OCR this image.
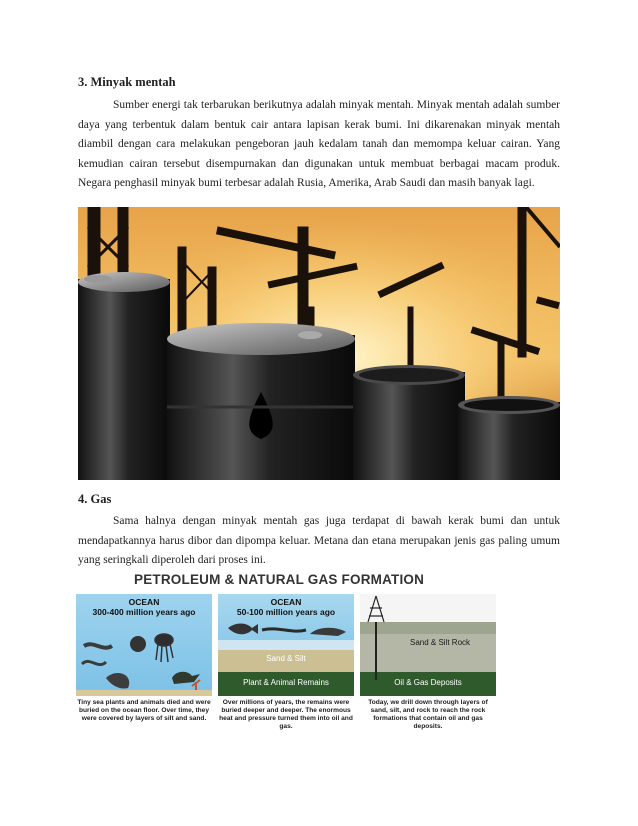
3. Minyak mentah

Sumber energi tak terbarukan berikutnya adalah minyak mentah. Minyak mentah adalah sumber daya yang terbentuk dalam bentuk cair antara lapisan kerak bumi. Ini dikarenakan minyak mentah diambil dengan cara melakukan pengeboran jauh kedalam tanah dan memompa keluar cairan. Yang kemudian cairan tersebut disempurnakan dan digunakan untuk membuat berbagai macam produk. Negara penghasil minyak bumi terbesar adalah Rusia, Amerika, Arab Saudi dan masih banyak lagi.

4. Gas

Sama halnya dengan minyak mentah gas juga terdapat di bawah kerak bumi dan untuk mendapatkannya harus dibor dan dipompa keluar. Metana dan etana merupakan jenis gas paling umum yang seringkali diperoleh dari proses ini.

PETROLEUM & NATURAL GAS FORMATION
OCEAN
300-400 million years ago
OCEAN
50-100 million years ago
Sand & Silt
Plant & Animal Remains
Sand & Silt Rock
Oil & Gas Deposits
Tiny sea plants and animals died and were buried on the ocean floor. Over time, they were covered by layers of silt and sand.
Over millions of years, the remains were buried deeper and deeper. The enormous heat and pressure turned them into oil and gas.
Today, we drill down through layers of sand, silt, and rock to reach the rock formations that contain oil and gas deposits.
